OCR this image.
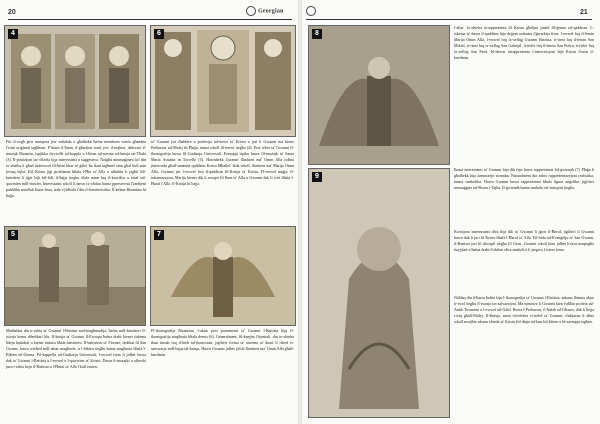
20	Georgian
4	6

Fitt il-xogħ ġew minquxa jew mibdula u għalhekk ħafna minnhom waslu għandna f'istat oriġinali tagħhom. F'dawn il-ħitan, il-għarfien tond, jew il-toqbiet, dekorati il-muzajk Bizantin, ispjikka fir-rxoffi tal-koppla u l-ħitan tal-navata tal-knisja tat-Tħabi (3). Il-positzjoni taċ-ċibiela hija interessanti u suġġestiva. Notgħu nimmaġinaw kif din ix-xbieha li għad tiżżewwel fil-ħitan kbar ta' ġdid, ħa tkun tagħmel sens għal kull min jersaq lejha. Kif Kristu jiġi proklamat bħala l-Ħin ta' Alla u mħabba li jagħti lill-bniedem li jiġri lejh bil-fidi, il-ħajja tieghu tibda minn fuq il-kruċifiss u tasal sal-qawmien mill-imwiet. Interessanti wkoll li dawn ix-xbihat huma ppreservati f'ambjent pubbliku minflok ħarsa fissa, iżda x'jidhirlu f'din il-karatteristika. Il-kelma Bizantina hi ħajja.

ta' Gwanni jsir tħabbira u profezija tal-mewt ta' Kristu u juri li Gwanni ma kienx Prekursur tal-Mulej fit-Ħajja, imma wkoll fil-mewt tiegħu (4). Post ieħor ta' Gwanni fl-ikonografija huwa fil-Gudizzju Universali. Eżempju tipiku huwa fil-mużajk ta' Santa Maria Assunta in Torcello (5). Hawnhekk Gwanni flimkien ma' Omm Alla jidhru jintercedu għall-umanità quddiem Kristu Mħallef. Iżda wkoll, flimkien ma' Marija Omm Alla, Gwanni jsir l-ewwel fost il-qaddisin fil-Knisja ta' Kristu. Fl-ewwel miġja, fl-inkarnazzjoni, Marija kienet dik li ressqet lil Iben ta' Alla u Gwanni dak li wiri bħala l-Ħaruf t'Alla. Il-Knisja hi ħajja.

5	7

Minħabba din ir-rabta ta' Gwanni l-Battista mal-magħmudija, ħafna mill-battisteri fl-istorja kienu ddedikati lilu. Il-knisja ta' Gwanni fl-Ewropa ħafna drabi kienet tinbena ħdejn kattidral u kienet tintuża bħala battisteru. Il-battisteru ta' Firenze, dedikat lil San Ġwann, huwa wieħed mill-aktar magħrufa, u l-bibien tiegħu huma magħrufa bħala l-Bibien tal-Ġenna. Fil-kappella tal-Ġudizzju Universali, l-ewwel isem li jidher huwa dak ta' Gwanni l-Battista u l-ewwel u l-qawwien ta' Kristu. Dawn il-mozaiki u affreski juru r-rabta bejn il-Battista u l-Ħaruf ta' Alla f'kull żmien.

Fl-ikonografija Bizantina, l-aktar post prominenti ta' Gwanni l-Battista hija fl-ikonografija magħrufa bħala deesis (6). Generalment, fil-knejjes Orjentali, din ix-xbieha tkun tinsab fuq il-bieb tal-ikonostasi, jiġifieri forma ta' sistema ta' ikoni li tifred is-santwarju mill-bqija tal-knisja. Hawn Gwanni jidher jitlob flimkien ma' Omm Alla għall-bnedmin.

21
8

l-altar. Ix-xbieha tirrappreżenta lil Kristu għoljuż jinżel fil-ġenna tal-qaddisin. L-iskema ta' dawn il-qaddisin hija dejjem ordinata f'ġerarkija fissa: l-ewwel fuq il-lemin Marija Omm Alla, l-ewwel fuq ix-xellug Gwanni Battista, it-tieni fuq il-lemin San Mikiel, it-tieni fuq ix-xellug San Gabrijel, it-tielet fuq il-lemin San Pietru, it-tielet fuq ix-xellug San Pawl. Id-deesis tirrappreżenta l-intercessjoni lejn Kristu f'isem il-bnedmin.

Ikona interessanti ta' Gwanni hija dik fejn huwa rappreżentat bil-ġwienaħ (7). Ħaġa li għalhekk hija kemmxejn stramba. Naturalment din mhix rappreżentazzjoni realistika, imma simbolika. Hawn Gwanni huwa rappreżentat bħala figura anġelika, jiġifieri messaġġier tal-Bxara t-Tajba. Il-ġwienaħ huma simbolu tal-missjoni tiegħu.

9

Kwistjoni interessanti oħra hija dik ta' Gwanni li jġorr il-Ħaruf, jiġifieri li Gwanni huwa dak li juri lil Kristu bħala l-Ħaruf ta' Alla. Fil-bidu tal-Evanġelju ta' San Ġwann, il-Battista juri lil dixxipli tiegħu lil Ġesù. Gwanni wkoll kien jidher b'rasu maqtugħa fuq platt u ħafna drabi b'xbihat oħra simboliċi li jsegwu l-istess tema.

Naħlaq din il-ħarsa ħafifa lejn l-ikonografija ta' Gwanni l-Battista, inkunu fhimna aħjar ir-rwol tiegħu fl-istorja tas-salvazzjoni. Ma ninsewx li Gwanni kien l-aħħar profeta tal-Antik Testment u l-ewwel tal-Ġdid. Huwa l-Prekursur, il-ħabib tal-Għarus, dak li ħejja t-triq għall-Mulej. Il-Knisja, meta tiċċelebra t-twelid ta' Gwanni, tfakkarna li aħna wkoll msejħin nkunu xhieda ta' Kristu fid-dinja tal-lum bil-kliem u bl-eżempju tagħna.
